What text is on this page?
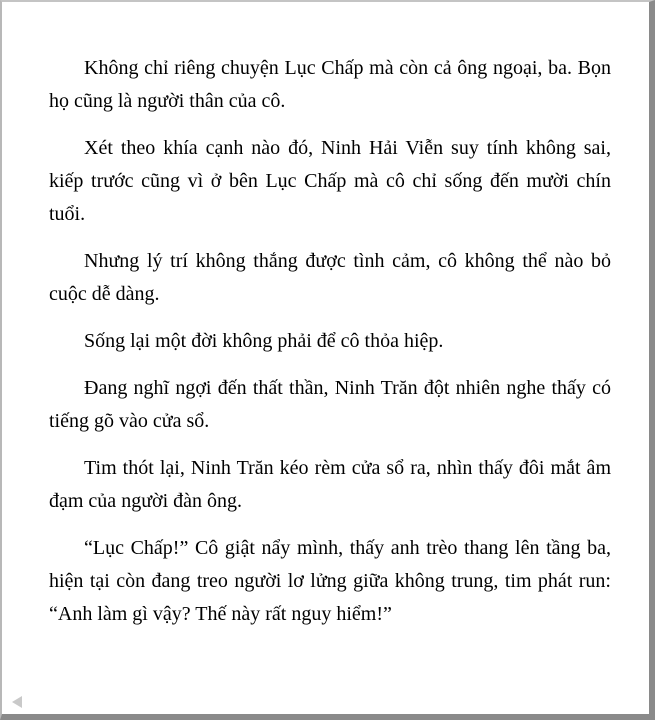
Không chỉ riêng chuyện Lục Chấp mà còn cả ông ngoại, ba. Bọn họ cũng là người thân của cô.

Xét theo khía cạnh nào đó, Ninh Hải Viễn suy tính không sai, kiếp trước cũng vì ở bên Lục Chấp mà cô chỉ sống đến mười chín tuổi.

Nhưng lý trí không thắng được tình cảm, cô không thể nào bỏ cuộc dễ dàng.

Sống lại một đời không phải để cô thỏa hiệp.

Đang nghĩ ngợi đến thất thần, Ninh Trăn đột nhiên nghe thấy có tiếng gõ vào cửa sổ.

Tim thót lại, Ninh Trăn kéo rèm cửa sổ ra, nhìn thấy đôi mắt âm đạm của người đàn ông.

“Lục Chấp!” Cô giật nẩy mình, thấy anh trèo thang lên tầng ba, hiện tại còn đang treo người lơ lửng giữa không trung, tim phát run: “Anh làm gì vậy? Thế này rất nguy hiểm!”
